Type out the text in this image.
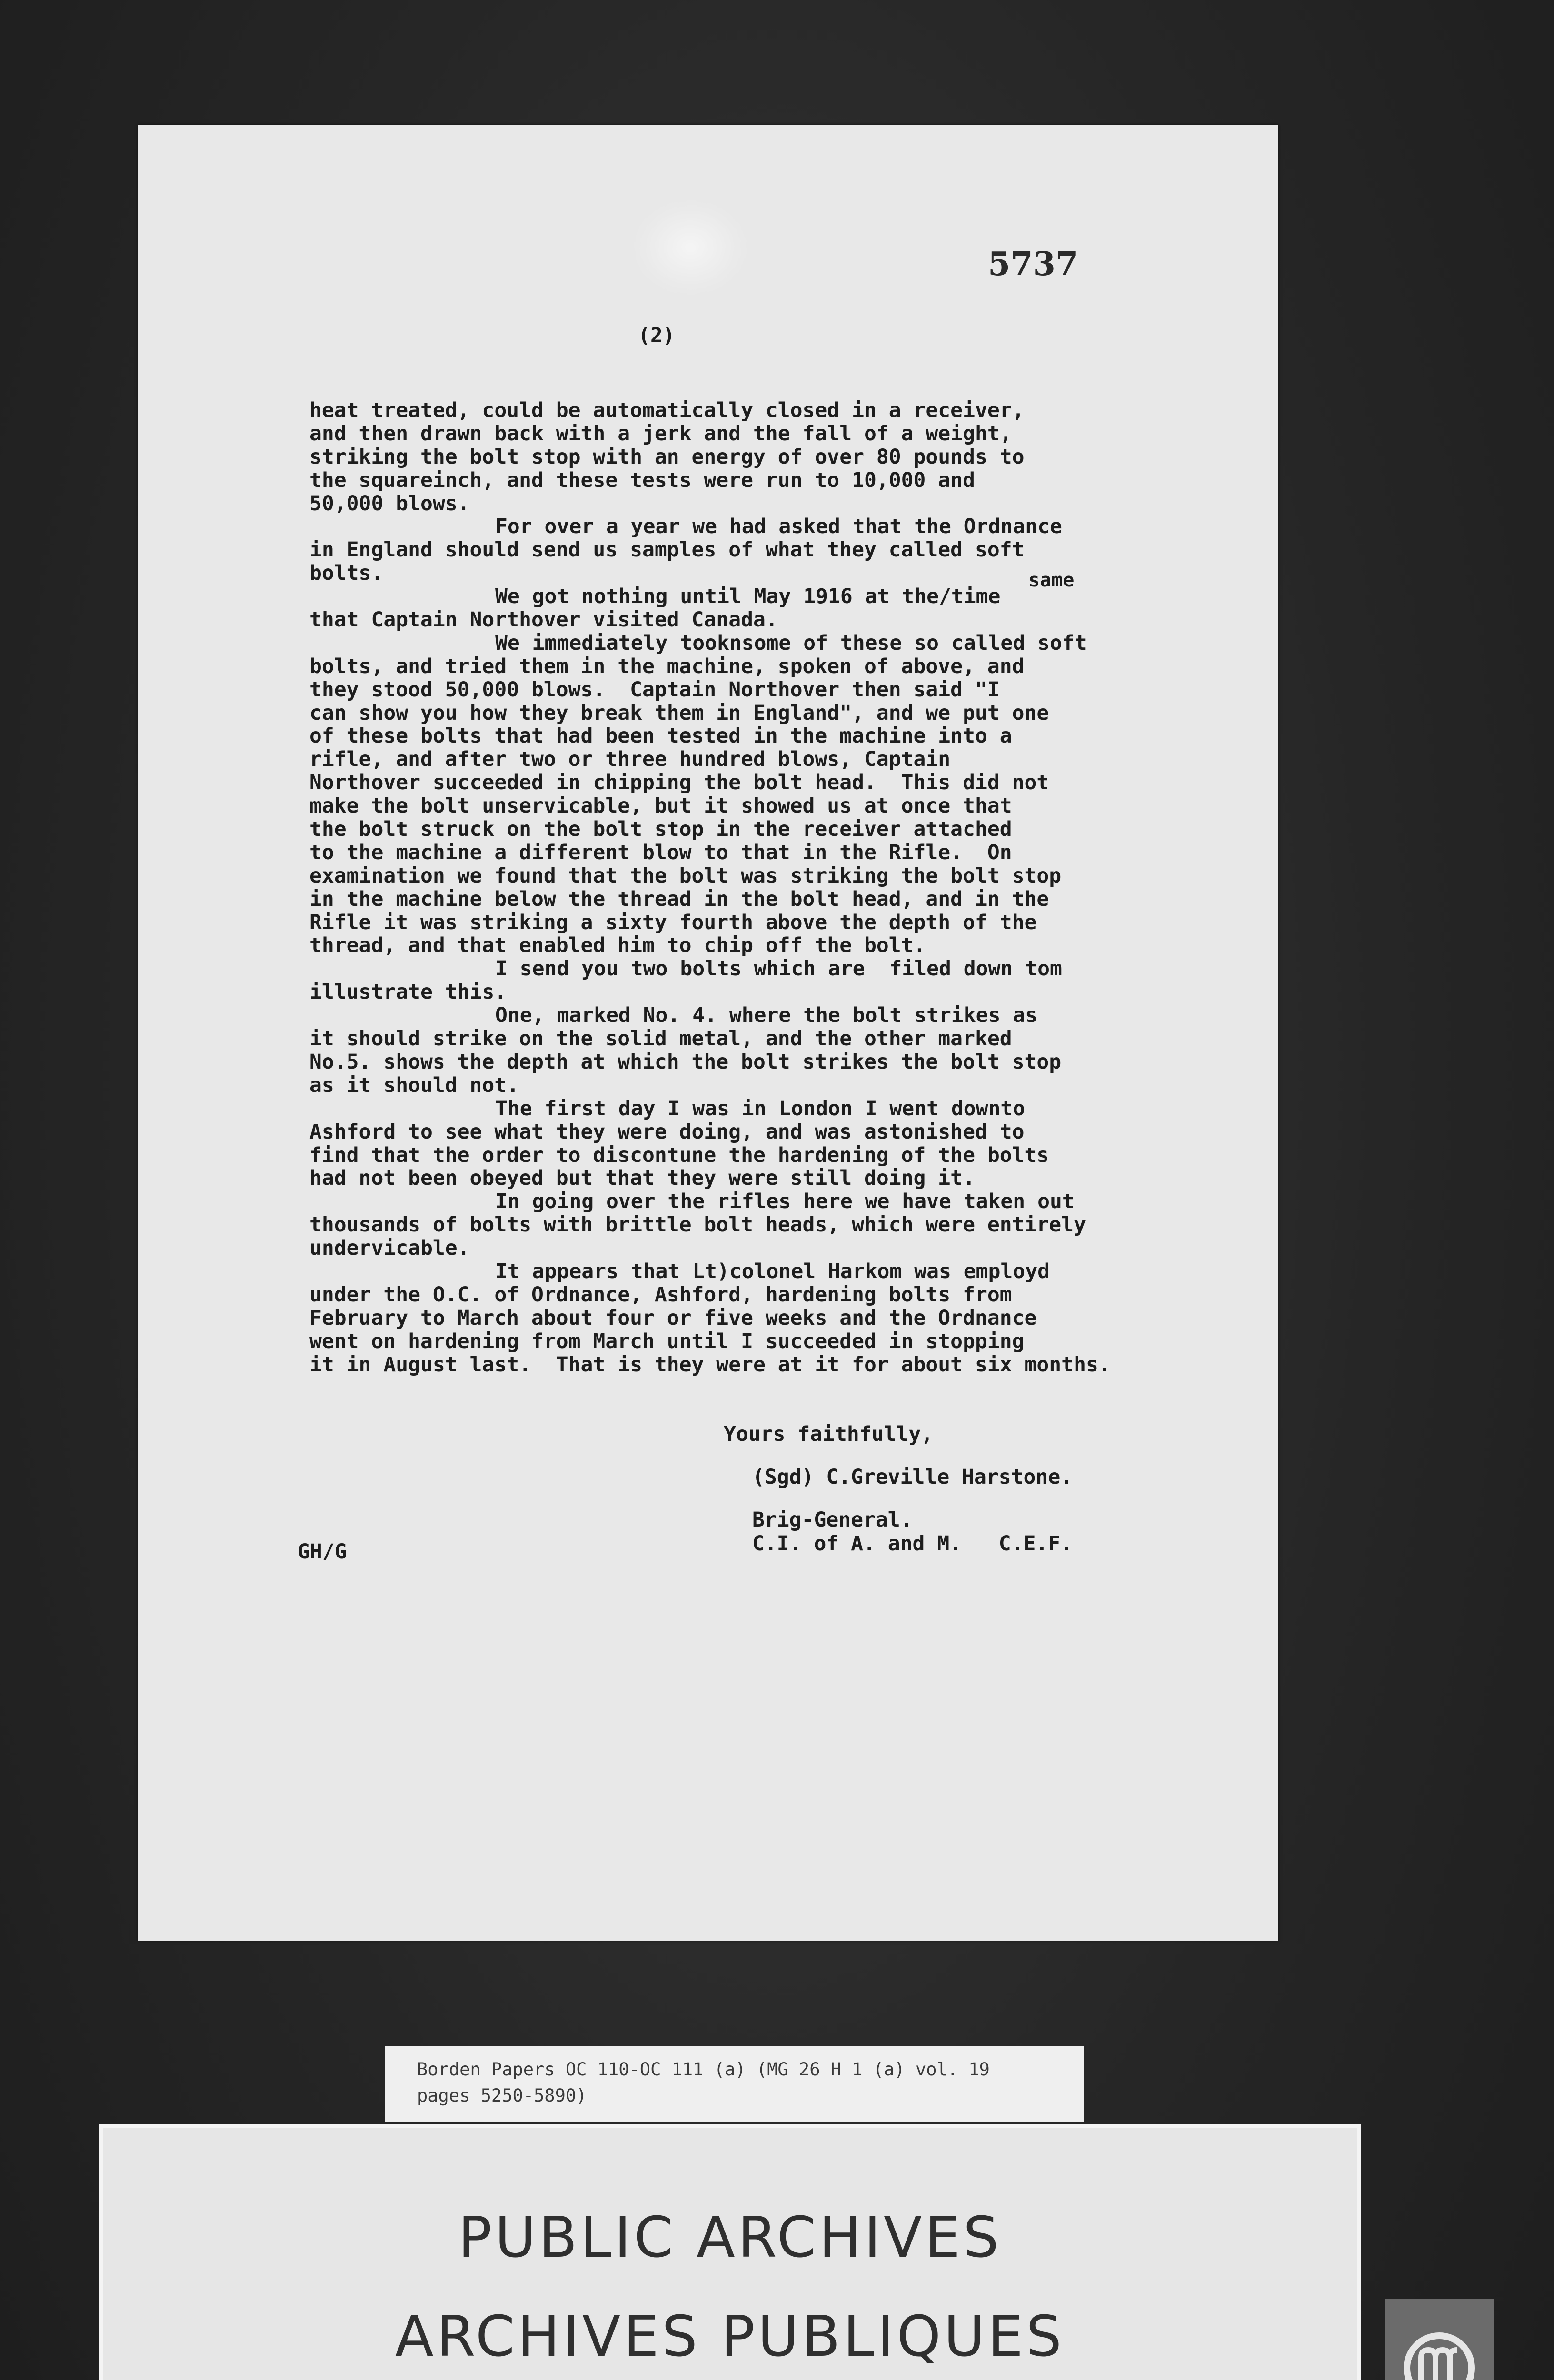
5737
(2)
same
heat treated, could be automatically closed in a receiver,
and then drawn back with a jerk and the fall of a weight,
striking the bolt stop with an energy of over 80 pounds to
the squareinch, and these tests were run to 10,000 and
50,000 blows.
For over a year we had asked that the Ordnance
in England should send us samples of what they called soft
bolts.
We got nothing until May 1916 at the/time
that Captain Northover visited Canada.
We immediately tooknsome of these so called soft
bolts, and tried them in the machine, spoken of above, and
they stood 50,000 blows.  Captain Northover then said "I
can show you how they break them in England", and we put one
of these bolts that had been tested in the machine into a
rifle, and after two or three hundred blows, Captain
Northover succeeded in chipping the bolt head.  This did not
make the bolt unservicable, but it showed us at once that
the bolt struck on the bolt stop in the receiver attached
to the machine a different blow to that in the Rifle.  On
examination we found that the bolt was striking the bolt stop
in the machine below the thread in the bolt head, and in the
Rifle it was striking a sixty fourth above the depth of the
thread, and that enabled him to chip off the bolt.
I send you two bolts which are  filed down tom
illustrate this.
One, marked No. 4. where the bolt strikes as
it should strike on the solid metal, and the other marked
No.5. shows the depth at which the bolt strikes the bolt stop
as it should not.
The first day I was in London I went downto
Ashford to see what they were doing, and was astonished to
find that the order to discontune the hardening of the bolts
had not been obeyed but that they were still doing it.
In going over the rifles here we have taken out
thousands of bolts with brittle bolt heads, which were entirely
undervicable.
It appears that Lt)colonel Harkom was employd
under the O.C. of Ordnance, Ashford, hardening bolts from
February to March about four or five weeks and the Ordnance
went on hardening from March until I succeeded in stopping
it in August last.  That is they were at it for about six months.
Yours faithfully,
(Sgd) C.Greville Harstone.
Brig-General.
C.I. of A. and M.   C.E.F.
GH/G
Borden Papers OC 110-OC 111 (a) (MG 26 H 1 (a) vol. 19
pages 5250-5890)
PUBLIC ARCHIVES
ARCHIVES PUBLIQUES
